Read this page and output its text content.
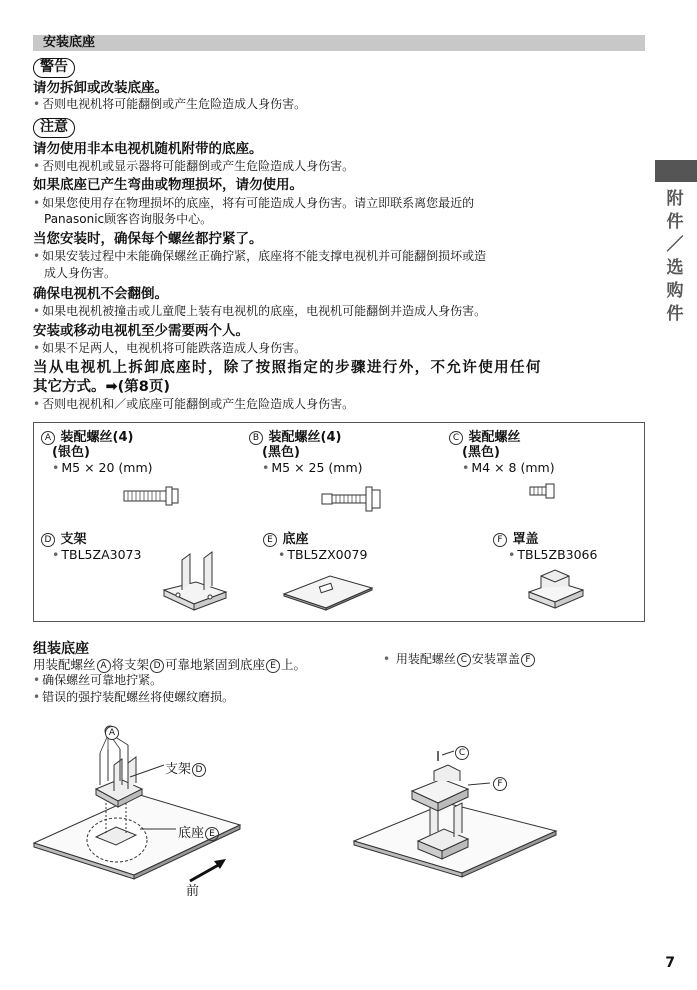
安装底座
警告
请勿拆卸或改装底座。
• 否则电视机将可能翻倒或产生危险造成人身伤害。
注意
请勿使用非本电视机随机附带的底座。
• 否则电视机或显示器将可能翻倒或产生危险造成人身伤害。
如果底座已产生弯曲或物理损坏，请勿使用。
• 如果您使用存在物理损坏的底座，将有可能造成人身伤害。请立即联系离您最近的
Panasonic顾客咨询服务中心。
当您安装时，确保每个螺丝都拧紧了。
• 如果安装过程中未能确保螺丝正确拧紧，底座将不能支撑电视机并可能翻倒损坏或造
成人身伤害。
确保电视机不会翻倒。
• 如果电视机被撞击或儿童爬上装有电视机的底座，电视机可能翻倒并造成人身伤害。
安装或移动电视机至少需要两个人。
• 如果不足两人，电视机将可能跌落造成人身伤害。
当从电视机上拆卸底座时，除了按照指定的步骤进行外，不允许使用任何
其它方式。➡(第8页)
• 否则电视机和／或底座可能翻倒或产生危险造成人身伤害。
附件／选购件
A 装配螺丝(4)
(银色)
• M5 × 20 (mm)
B 装配螺丝(4)
(黑色)
• M5 × 25 (mm)
C 装配螺丝
(黑色)
• M4 × 8 (mm)
D 支架
• TBL5ZA3073
E 底座
• TBL5ZX0079
F 罩盖
• TBL5ZB3066
组装底座
用装配螺丝 A 将支架 D 可靠地紧固到底座 E 上。
• 确保螺丝可靠地拧紧。
• 错误的强拧装配螺丝将使螺纹磨损。
• 用装配螺丝 C 安装罩盖 F
A
支架 D
底座 E
前
C
F
7
